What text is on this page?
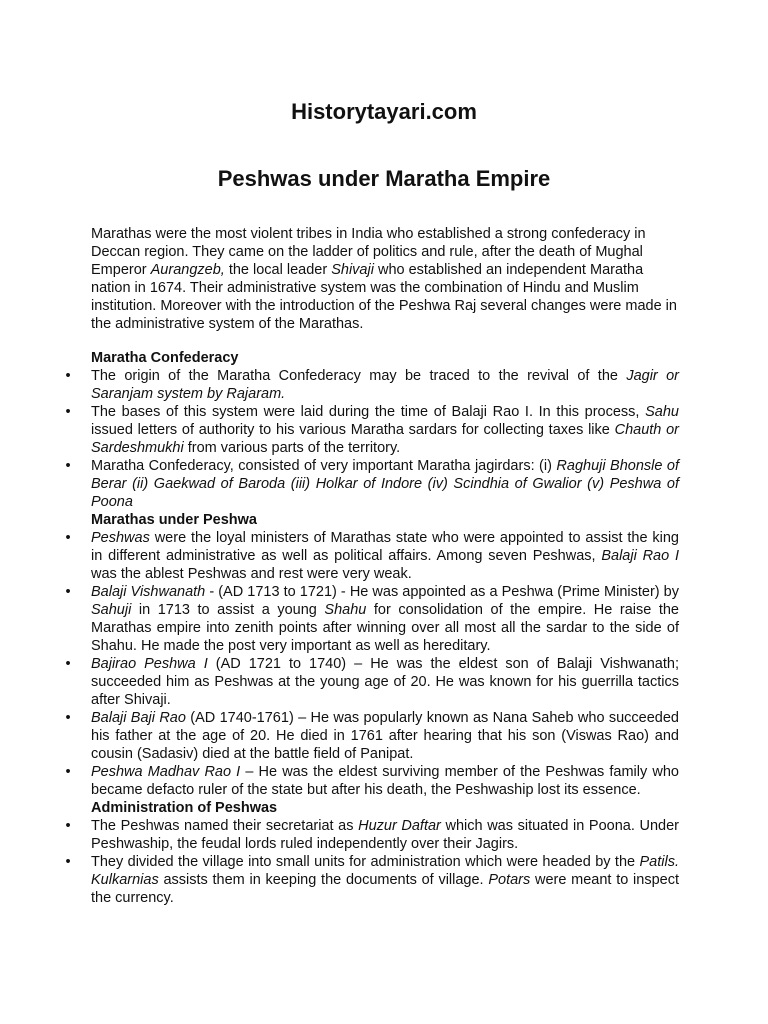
Historytayari.com
Peshwas under Maratha Empire

Marathas were the most violent tribes in India who established a strong confederacy in Deccan region. They came on the ladder of politics and rule, after the death of Mughal Emperor Aurangzeb, the local leader Shivaji who established an independent Maratha nation in 1674. Their administrative system was the combination of Hindu and Muslim institution. Moreover with the introduction of the Peshwa Raj several changes were made in the administrative system of the Marathas.

Maratha Confederacy
• The origin of the Maratha Confederacy may be traced to the revival of the Jagir or Saranjam system by Rajaram.
• The bases of this system were laid during the time of Balaji Rao I. In this process, Sahu issued letters of authority to his various Maratha sardars for collecting taxes like Chauth or Sardeshmukhi from various parts of the territory.
• Maratha Confederacy, consisted of very important Maratha jagirdars: (i) Raghuji Bhonsle of Berar (ii) Gaekwad of Baroda (iii) Holkar of Indore (iv) Scindhia of Gwalior (v) Peshwa of Poona
Marathas under Peshwa
• Peshwas were the loyal ministers of Marathas state who were appointed to assist the king in different administrative as well as political affairs. Among seven Peshwas, Balaji Rao I was the ablest Peshwas and rest were very weak.
• Balaji Vishwanath - (AD 1713 to 1721) - He was appointed as a Peshwa (Prime Minister) by Sahuji in 1713 to assist a young Shahu for consolidation of the empire. He raise the Marathas empire into zenith points after winning over all most all the sardar to the side of Shahu. He made the post very important as well as hereditary.
• Bajirao Peshwa I (AD 1721 to 1740) – He was the eldest son of Balaji Vishwanath; succeeded him as Peshwas at the young age of 20. He was known for his guerrilla tactics after Shivaji.
• Balaji Baji Rao (AD 1740-1761) – He was popularly known as Nana Saheb who succeeded his father at the age of 20. He died in 1761 after hearing that his son (Viswas Rao) and cousin (Sadasiv) died at the battle field of Panipat.
• Peshwa Madhav Rao I – He was the eldest surviving member of the Peshwas family who became defacto ruler of the state but after his death, the Peshwaship lost its essence.
Administration of Peshwas
• The Peshwas named their secretariat as Huzur Daftar which was situated in Poona. Under Peshwaship, the feudal lords ruled independently over their Jagirs.
• They divided the village into small units for administration which were headed by the Patils. Kulkarnias assists them in keeping the documents of village. Potars were meant to inspect the currency.
